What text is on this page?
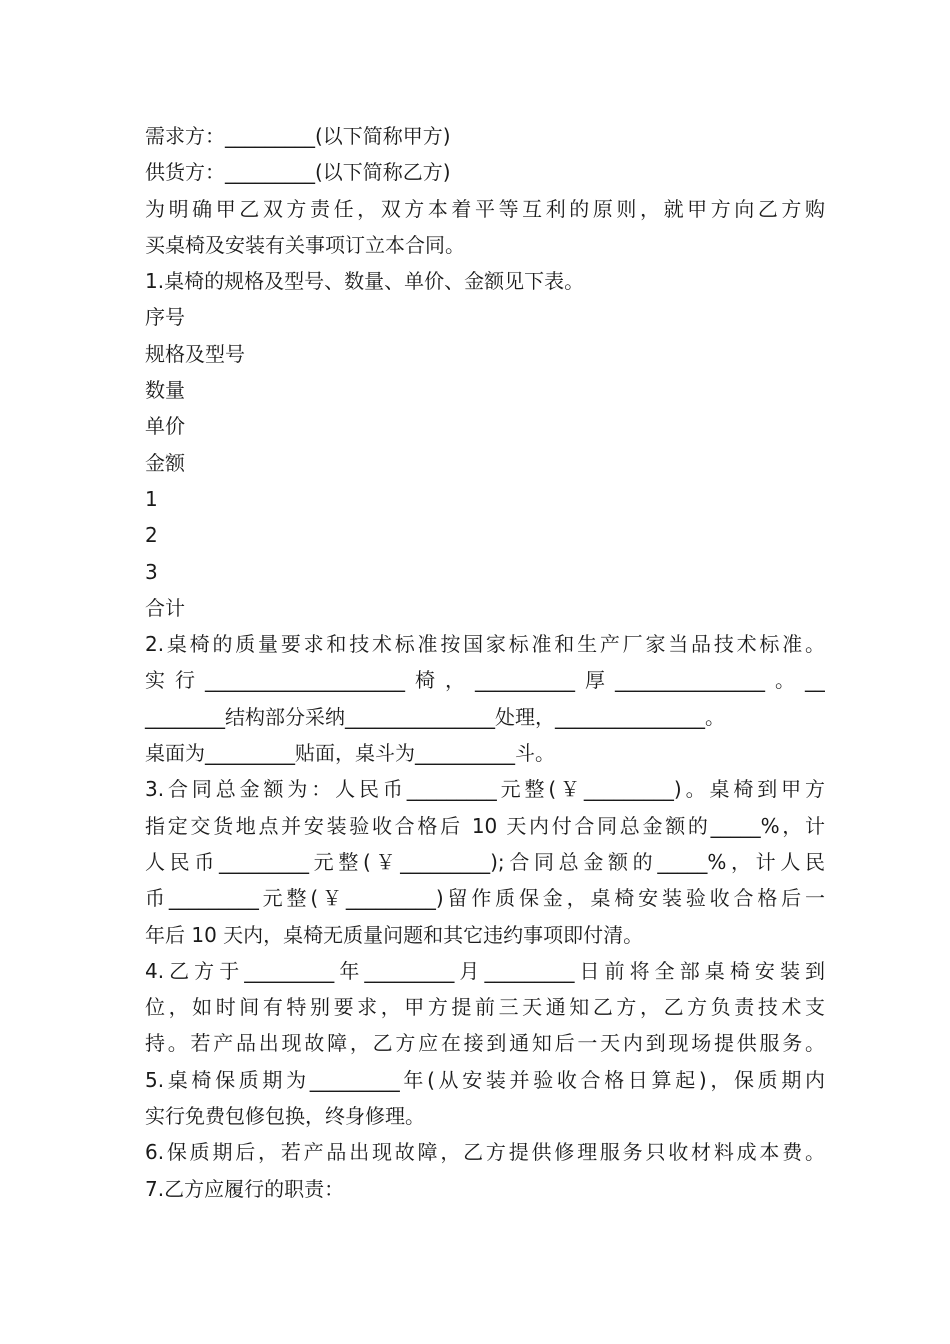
需求方：_________(以下简称甲方)
供货方：_________(以下简称乙方)
为明确甲乙双方责任，双方本着平等互利的原则，就甲方向乙方购
买桌椅及安装有关事项订立本合同。
1.桌椅的规格及型号、数量、单价、金额见下表。
序号
规格及型号
数量
单价
金额
1
2
3
合计
2.桌椅的质量要求和技术标准按国家标准和生产厂家当品技术标准。
实行____________________椅，__________厚_______________。__
________结构部分采纳_______________处理，_______________。
桌面为_________贴面，桌斗为__________斗。
3.合同总金额为：人民币_________元整(￥_________)。桌椅到甲方
指定交货地点并安装验收合格后 10 天内付合同总金额的_____%，计
人民币_________元整(￥_________);合同总金额的_____%，计人民
币_________元整(￥_________)留作质保金，桌椅安装验收合格后一
年后 10 天内，桌椅无质量问题和其它违约事项即付清。
4.乙方于_________年_________月_________日前将全部桌椅安装到
位，如时间有特别要求，甲方提前三天通知乙方，乙方负责技术支
持。若产品出现故障，乙方应在接到通知后一天内到现场提供服务。
5.桌椅保质期为_________年(从安装并验收合格日算起)，保质期内
实行免费包修包换，终身修理。
6.保质期后，若产品出现故障，乙方提供修理服务只收材料成本费。
7.乙方应履行的职责：
